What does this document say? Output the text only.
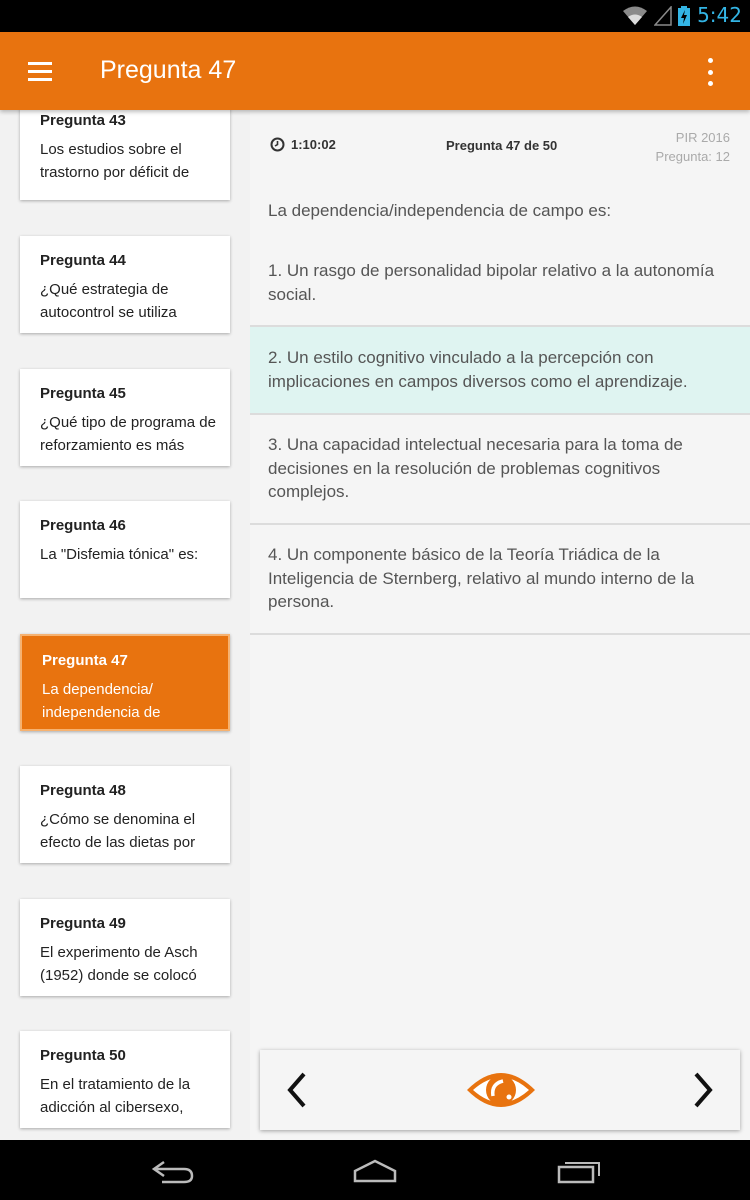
5:42
Pregunta 47
Pregunta 43
Los estudios sobre el trastorno por déficit de
Pregunta 44
¿Qué estrategia de autocontrol se utiliza
Pregunta 45
¿Qué tipo de programa de reforzamiento es más
Pregunta 46
La "Disfemia tónica" es:
Pregunta 47
La dependencia/ independencia de
Pregunta 48
¿Cómo se denomina el efecto de las dietas por
Pregunta 49
El experimento de Asch (1952) donde se colocó
Pregunta 50
En el tratamiento de la adicción al cibersexo,
1:10:02	Pregunta 47 de 50
PIR 2016
Pregunta: 12
La dependencia/independencia de campo es:
1. Un rasgo de personalidad bipolar relativo a la autonomía social.
2. Un estilo cognitivo vinculado a la percepción con implicaciones en campos diversos como el aprendizaje.
3. Una capacidad intelectual necesaria para la toma de decisiones en la resolución de problemas cognitivos complejos.
4. Un componente básico de la Teoría Triádica de la Inteligencia de Sternberg, relativo al mundo interno de la persona.
